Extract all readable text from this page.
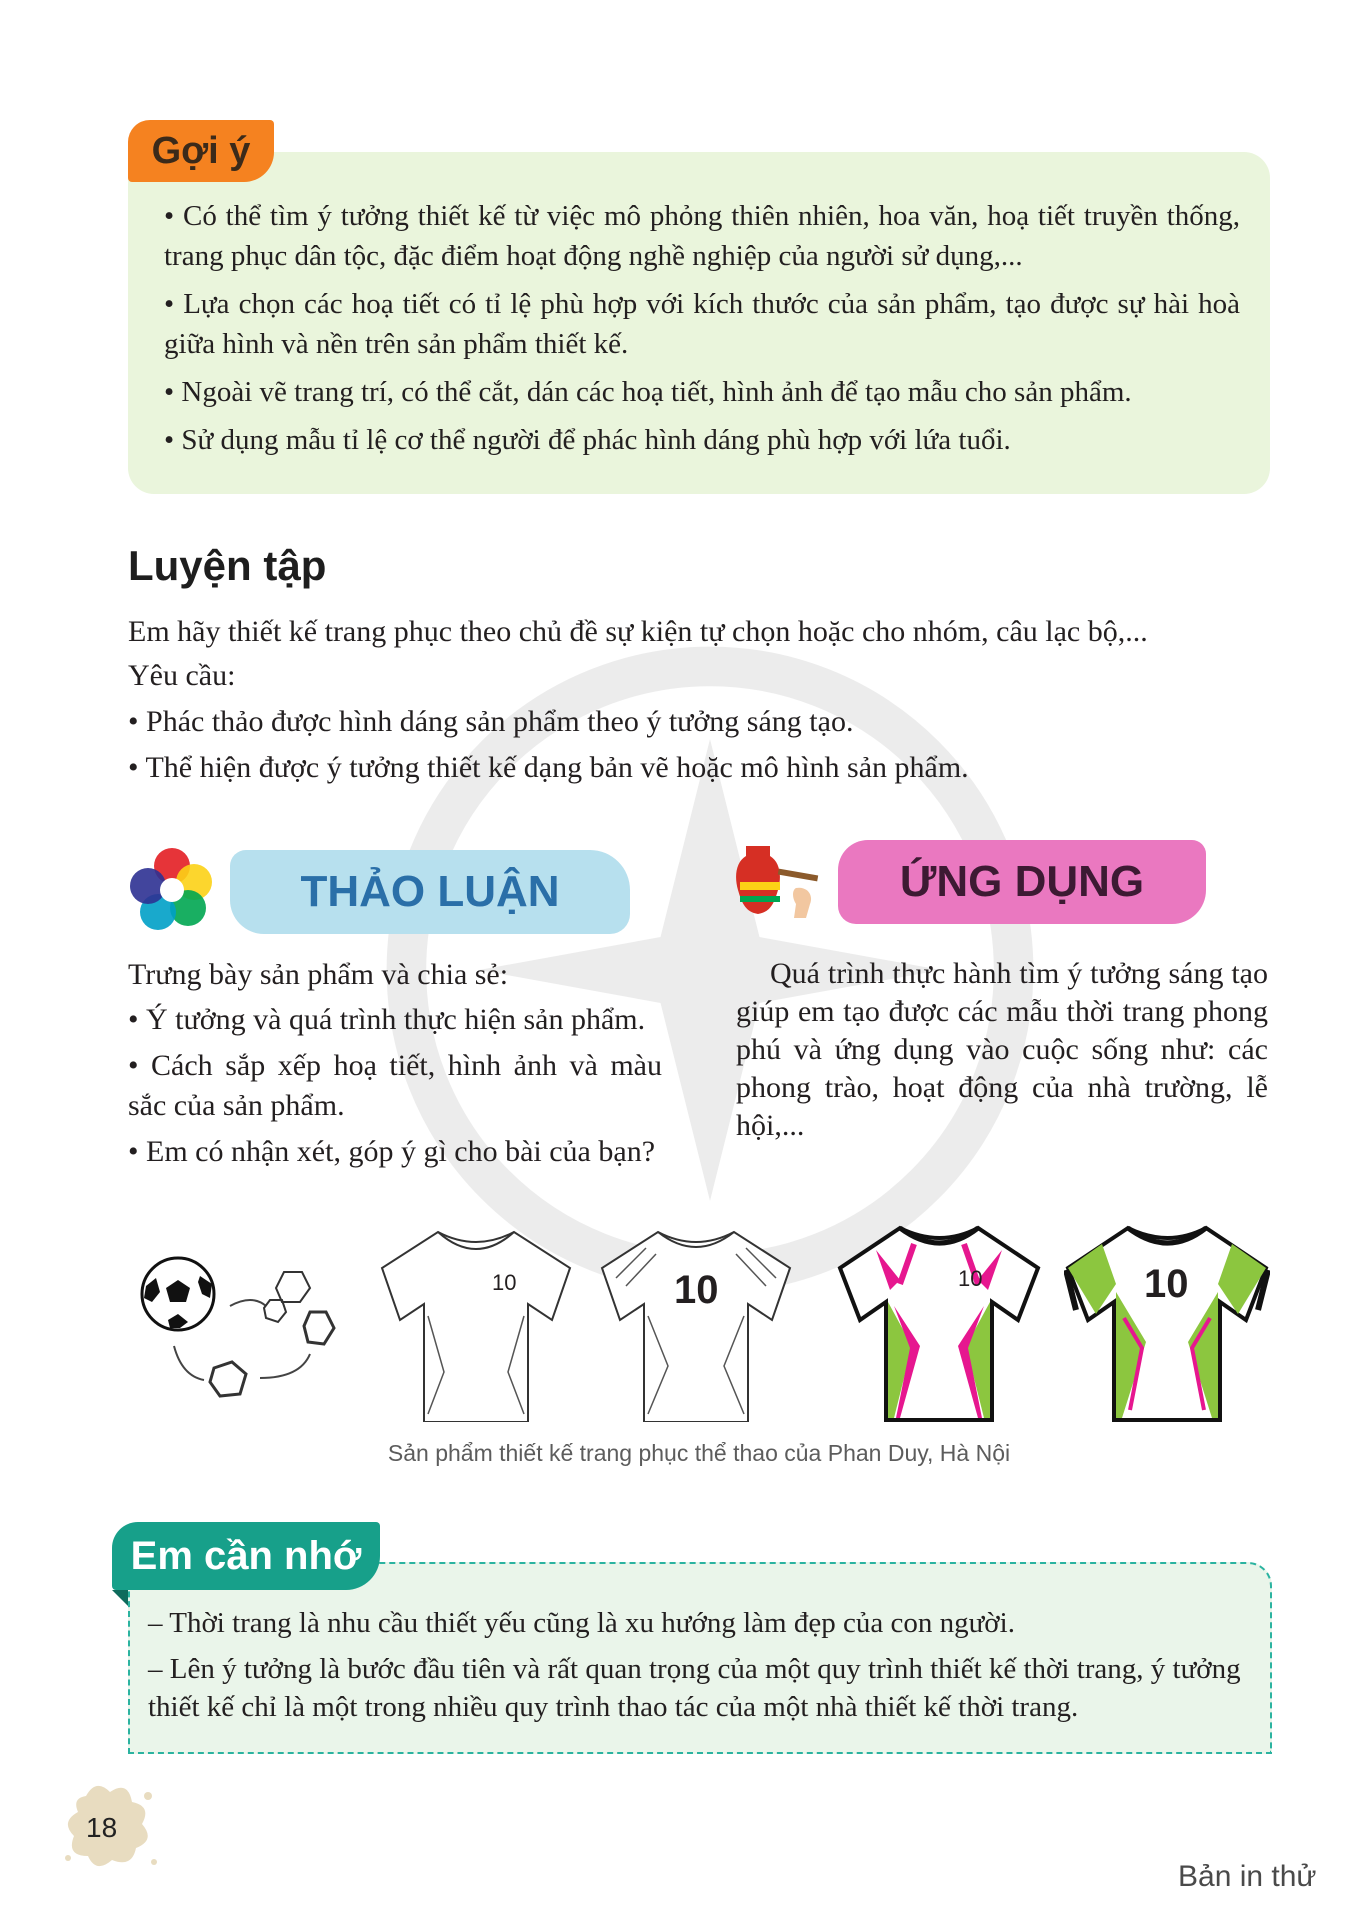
Gợi ý
• Có thể tìm ý tưởng thiết kế từ việc mô phỏng thiên nhiên, hoa văn, hoạ tiết truyền thống, trang phục dân tộc, đặc điểm hoạt động nghề nghiệp của người sử dụng,...
• Lựa chọn các hoạ tiết có tỉ lệ phù hợp với kích thước của sản phẩm, tạo được sự hài hoà giữa hình và nền trên sản phẩm thiết kế.
• Ngoài vẽ trang trí, có thể cắt, dán các hoạ tiết, hình ảnh để tạo mẫu cho sản phẩm.
• Sử dụng mẫu tỉ lệ cơ thể người để phác hình dáng phù hợp với lứa tuổi.
Luyện tập
Em hãy thiết kế trang phục theo chủ đề sự kiện tự chọn hoặc cho nhóm, câu lạc bộ,...
Yêu cầu:
• Phác thảo được hình dáng sản phẩm theo ý tưởng sáng tạo.
• Thể hiện được ý tưởng thiết kế dạng bản vẽ hoặc mô hình sản phẩm.
THẢO LUẬN
Trưng bày sản phẩm và chia sẻ:
• Ý tưởng và quá trình thực hiện sản phẩm.
• Cách sắp xếp hoạ tiết, hình ảnh và màu sắc của sản phẩm.
• Em có nhận xét, góp ý gì cho bài của bạn?
ỨNG DỤNG
Quá trình thực hành tìm ý tưởng sáng tạo giúp em tạo được các mẫu thời trang phong phú và ứng dụng vào cuộc sống như: các phong trào, hoạt động của nhà trường, lễ hội,...
10	10	10	10
Sản phẩm thiết kế trang phục thể thao của Phan Duy, Hà Nội
Em cần nhớ
– Thời trang là nhu cầu thiết yếu cũng là xu hướng làm đẹp của con người.
– Lên ý tưởng là bước đầu tiên và rất quan trọng của một quy trình thiết kế thời trang, ý tưởng thiết kế chỉ là một trong nhiều quy trình thao tác của một nhà thiết kế thời trang.
18
Bản in thử
